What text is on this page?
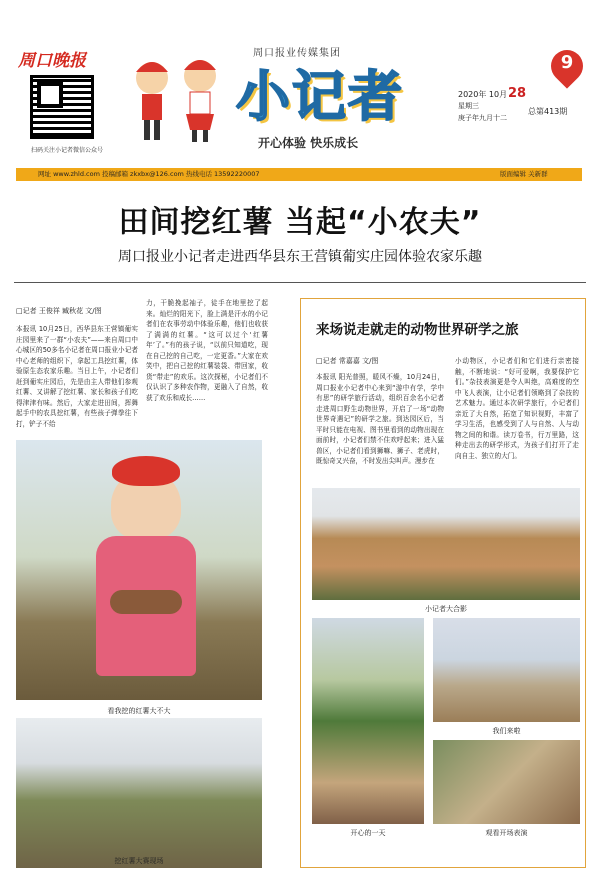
周口晚报
扫码关注小记者微信公众号
周口报业传媒集团
小记者
开心体验 快乐成长
9
2020年 10月 28
星期三
总第413期
庚子年九月十二
网址 www.zhld.com 投稿邮箱 zkxbx@126.com 热线电话 13592220007	版面编辑 关新群
田间挖红薯 当起“小农夫”
周口报业小记者走进西华县东王营镇葡实庄园体验农家乐趣
□记者 王俊祥 臧秋花 文/图
本报讯 10月25日，西华县东王营镇葡实庄园里来了一群“小农夫”——来自周口中心城区的50多名小记者在周口报业小记者中心老师的组织下，拿起工具挖红薯，体验原生态农家乐趣。当日上午，小记者们赶到葡实庄园后，先是由主人带他们参观红薯、又讲解了挖红薯、家长和孩子们吃得津津有味。然后，大家走进田间，挥舞起手中的农具挖红薯，有些孩子弹拳往下打，铲子不给
力，干脆挽起袖子，徒手在地里挖了起来。灿烂的阳光下，脸上满是汗水的小记者们在农事劳动中体验乐趣，他们也收获了满满的红薯。“这可以过个‘红薯年’了。”有的孩子说，“以前只知道吃，现在自己挖的自己吃，一定更香。”大家在欢笑中，把自己挖的红薯装袋、带回家，收货“带走”的欢乐。这次探秘，小记者们不仅认识了多种农作物，更融入了自然，收获了欢乐和成长……
看我挖的红薯大不大
挖红薯大赛现场
来场说走就走的动物世界研学之旅
□记者 常嘉嘉 文/图
本报讯 阳光普照，暖风不燥，10月24日，周口报业小记者中心来到“游中有学，学中有思”的研学旅行活动，组织百余名小记者走进周口野生动物世界，开启了一场“动物世界奇遇记”的研学之旅。到达园区后，当平时只能在电视、图书里看到的动物出现在面前时，小记者们禁不住欢呼起来；进入猛兽区，小记者们看到狮嘛、狮子、老虎时，既惊奇又兴奋，不时发出尖叫声。漫步在
小动物区，小记者们和它们进行亲密接触，不断地说：“好可爱啊，我要保护它们。”杂技表演更是令人叫绝，高难度的空中飞人表演，让小记者们领略到了杂技的艺术魅力。通过本次研学旅行，小记者们亲近了大自然，拓宽了知识视野，丰富了学习生活，也感受到了人与自然、人与动物之间的和谐。读万卷书，行万里路，这种走出去的研学形式，为孩子们打开了走向自主、独立的大门。
小记者大合影
开心的一天
我们来啦
观看开场表演
